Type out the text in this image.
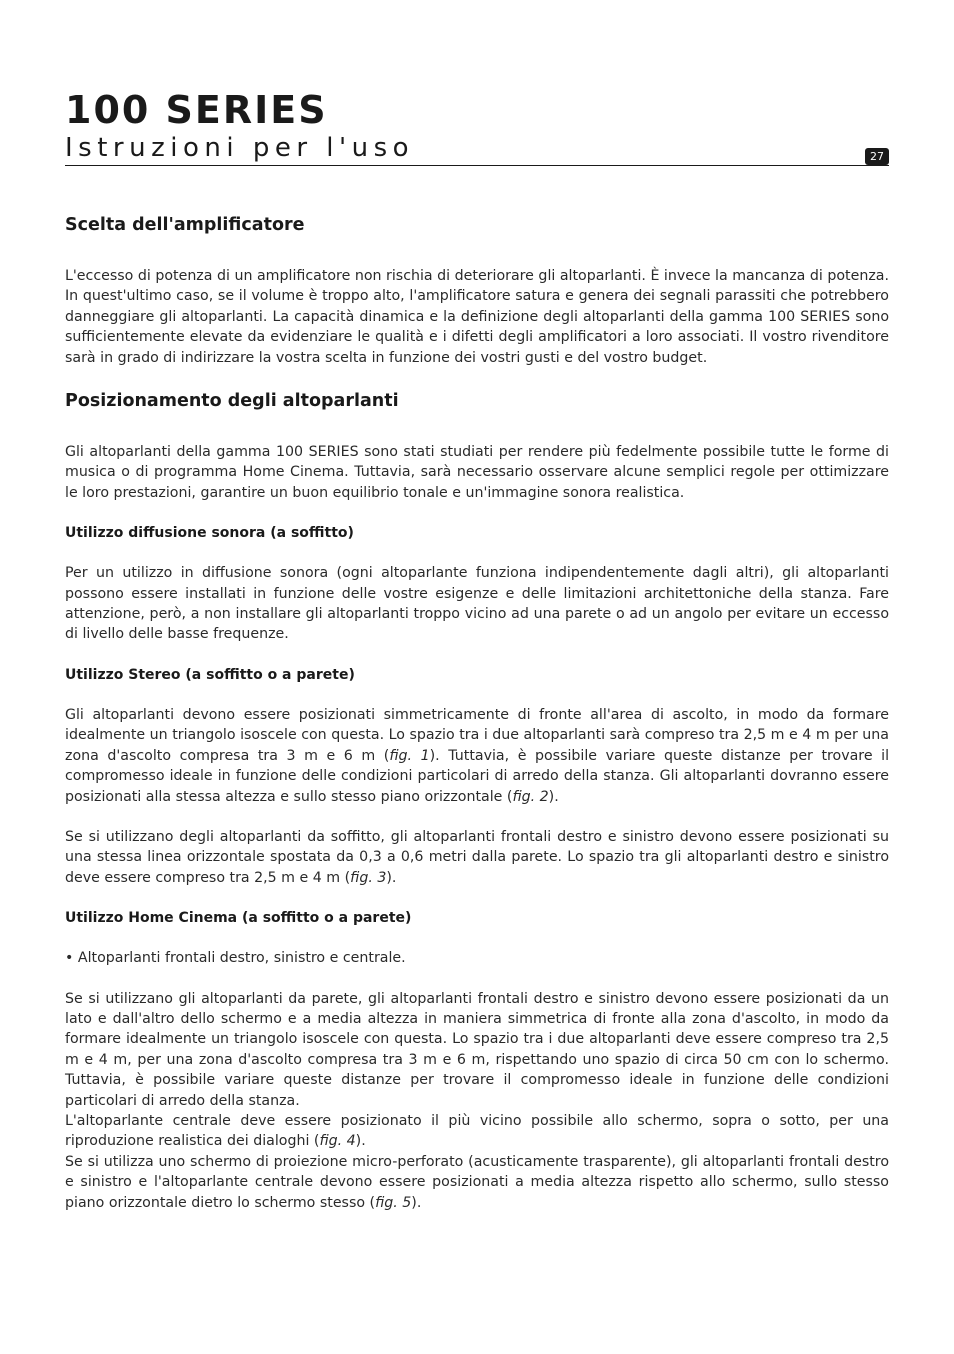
100 SERIES
Istruzioni per l'uso	27
Scelta dell'amplificatore

L'eccesso di potenza di un amplificatore non rischia di deteriorare gli altoparlanti. È invece la mancanza di potenza. In quest'ultimo caso, se il volume è troppo alto, l'amplificatore satura e genera dei segnali parassiti che potrebbero danneggiare gli altoparlanti. La capacità dinamica e la definizione degli altoparlanti della gamma 100 SERIES sono sufficientemente elevate da evidenziare le qualità e i difetti degli amplificatori a loro associati. Il vostro rivenditore sarà in grado di indirizzare la vostra scelta in funzione dei vostri gusti e del vostro budget.

Posizionamento degli altoparlanti

Gli altoparlanti della gamma 100 SERIES sono stati studiati per rendere più fedelmente possibile tutte le forme di musica o di programma Home Cinema. Tuttavia, sarà necessario osservare alcune semplici regole per ottimizzare le loro prestazioni, garantire un buon equilibrio tonale e un'immagine sonora realistica.

Utilizzo diffusione sonora (a soffitto)

Per un utilizzo in diffusione sonora (ogni altoparlante funziona indipendentemente dagli altri), gli altoparlanti possono essere installati in funzione delle vostre esigenze e delle limitazioni architettoniche della stanza. Fare attenzione, però, a non installare gli altoparlanti troppo vicino ad una parete o ad un angolo per evitare un eccesso di livello delle basse frequenze.

Utilizzo Stereo (a soffitto o a parete)

Gli altoparlanti devono essere posizionati simmetricamente di fronte all'area di ascolto, in modo da formare idealmente un triangolo isoscele con questa. Lo spazio tra i due altoparlanti sarà compreso tra 2,5 m e 4 m per una zona d'ascolto compresa tra 3 m e 6 m (fig. 1). Tuttavia, è possibile variare queste distanze per trovare il compromesso ideale in funzione delle condizioni particolari di arredo della stanza. Gli altoparlanti dovranno essere posizionati alla stessa altezza e sullo stesso piano orizzontale (fig. 2).

Se si utilizzano degli altoparlanti da soffitto, gli altoparlanti frontali destro e sinistro devono essere posizionati su una stessa linea orizzontale spostata da 0,3 a 0,6 metri dalla parete. Lo spazio tra gli altoparlanti destro e sinistro deve essere compreso tra 2,5 m e 4 m (fig. 3).

Utilizzo Home Cinema (a soffitto o a parete)

• Altoparlanti frontali destro, sinistro e centrale.

Se si utilizzano gli altoparlanti da parete, gli altoparlanti frontali destro e sinistro devono essere posizionati da un lato e dall'altro dello schermo e a media altezza in maniera simmetrica di fronte alla zona d'ascolto, in modo da formare idealmente un triangolo isoscele con questa. Lo spazio tra i due altoparlanti deve essere compreso tra 2,5 m e 4 m, per una zona d'ascolto compresa tra 3 m e 6 m, rispettando uno spazio di circa 50 cm con lo schermo. Tuttavia, è possibile variare queste distanze per trovare il compromesso ideale in funzione delle condizioni particolari di arredo della stanza.

L'altoparlante centrale deve essere posizionato il più vicino possibile allo schermo, sopra o sotto, per una riproduzione realistica dei dialoghi (fig. 4).

Se si utilizza uno schermo di proiezione micro-perforato (acusticamente trasparente), gli altoparlanti frontali destro e sinistro e l'altoparlante centrale devono essere posizionati a media altezza rispetto allo schermo, sullo stesso piano orizzontale dietro lo schermo stesso (fig. 5).
